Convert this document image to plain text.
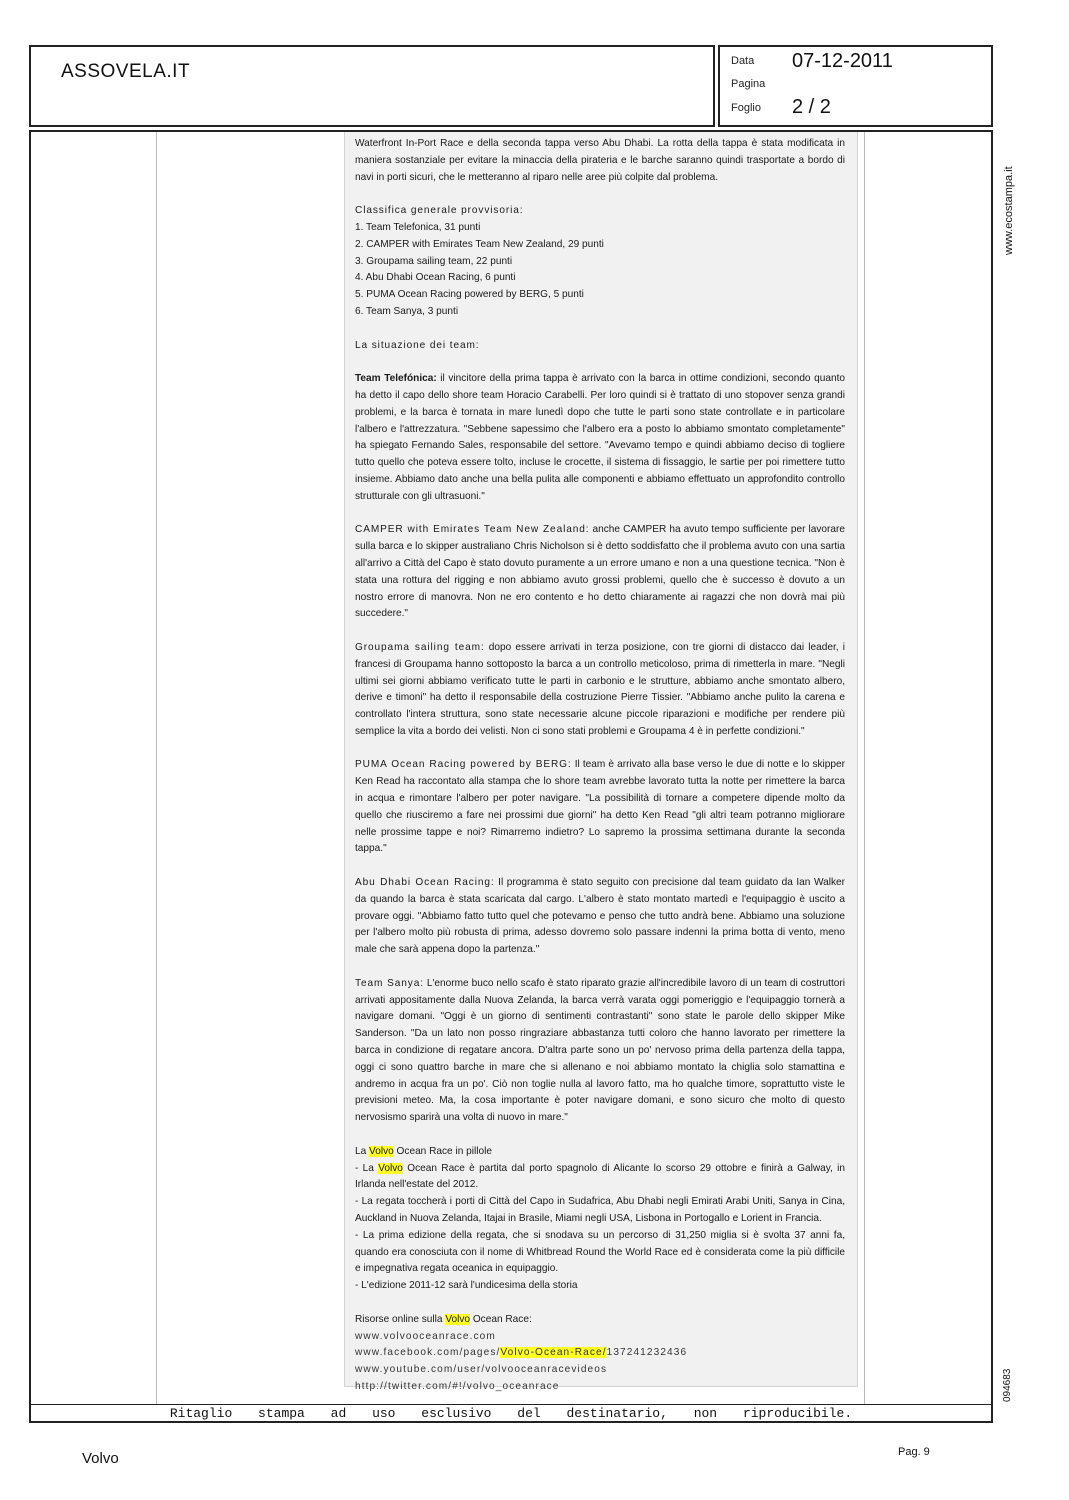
ASSOVELA.IT	Data 07-12-2011
Pagina
Foglio 2 / 2

Waterfront In-Port Race e della seconda tappa verso Abu Dhabi. La rotta della tappa è stata modificata in maniera sostanziale per evitare la minaccia della pirateria e le barche saranno quindi trasportate a bordo di navi in porti sicuri, che le metteranno al riparo nelle aree più colpite dal problema.

Classifica generale provvisoria:
1. Team Telefonica, 31 punti
2. CAMPER with Emirates Team New Zealand, 29 punti
3. Groupama sailing team, 22 punti
4. Abu Dhabi Ocean Racing, 6 punti
5. PUMA Ocean Racing powered by BERG, 5 punti
6. Team Sanya, 3 punti

La situazione dei team:

Team Telefónica: il vincitore della prima tappa è arrivato con la barca in ottime condizioni, secondo quanto ha detto il capo dello shore team Horacio Carabelli. Per loro quindi si è trattato di uno stopover senza grandi problemi, e la barca è tornata in mare lunedì dopo che tutte le parti sono state controllate e in particolare l'albero e l'attrezzatura. "Sebbene sapessimo che l'albero era a posto lo abbiamo smontato completamente" ha spiegato Fernando Sales, responsabile del settore. "Avevamo tempo e quindi abbiamo deciso di togliere tutto quello che poteva essere tolto, incluse le crocette, il sistema di fissaggio, le sartie per poi rimettere tutto insieme. Abbiamo dato anche una bella pulita alle componenti e abbiamo effettuato un approfondito controllo strutturale con gli ultrasuoni."

CAMPER with Emirates Team New Zealand: anche CAMPER ha avuto tempo sufficiente per lavorare sulla barca e lo skipper australiano Chris Nicholson si è detto soddisfatto che il problema avuto con una sartia all'arrivo a Città del Capo è stato dovuto puramente a un errore umano e non a una questione tecnica. "Non è stata una rottura del rigging e non abbiamo avuto grossi problemi, quello che è successo è dovuto a un nostro errore di manovra. Non ne ero contento e ho detto chiaramente ai ragazzi che non dovrà mai più succedere."

Groupama sailing team: dopo essere arrivati in terza posizione, con tre giorni di distacco dai leader, i francesi di Groupama hanno sottoposto la barca a un controllo meticoloso, prima di rimetterla in mare. "Negli ultimi sei giorni abbiamo verificato tutte le parti in carbonio e le strutture, abbiamo anche smontato albero, derive e timoni" ha detto il responsabile della costruzione Pierre Tissier. "Abbiamo anche pulito la carena e controllato l'intera struttura, sono state necessarie alcune piccole riparazioni e modifiche per rendere più semplice la vita a bordo dei velisti. Non ci sono stati problemi e Groupama 4 è in perfette condizioni."

PUMA Ocean Racing powered by BERG: Il team è arrivato alla base verso le due di notte e lo skipper Ken Read ha raccontato alla stampa che lo shore team avrebbe lavorato tutta la notte per rimettere la barca in acqua e rimontare l'albero per poter navigare. "La possibilità di tornare a competere dipende molto da quello che riusciremo a fare nei prossimi due giorni" ha detto Ken Read "gli altri team potranno migliorare nelle prossime tappe e noi? Rimarremo indietro? Lo sapremo la prossima settimana durante la seconda tappa."

Abu Dhabi Ocean Racing: Il programma è stato seguito con precisione dal team guidato da Ian Walker da quando la barca è stata scaricata dal cargo. L'albero è stato montato martedì e l'equipaggio è uscito a provare oggi. "Abbiamo fatto tutto quel che potevamo e penso che tutto andrà bene. Abbiamo una soluzione per l'albero molto più robusta di prima, adesso dovremo solo passare indenni la prima botta di vento, meno male che sarà appena dopo la partenza."

Team Sanya: L'enorme buco nello scafo è stato riparato grazie all'incredibile lavoro di un team di costruttori arrivati appositamente dalla Nuova Zelanda, la barca verrà varata oggi pomeriggio e l'equipaggio tornerà a navigare domani. "Oggi è un giorno di sentimenti contrastanti" sono state le parole dello skipper Mike Sanderson. "Da un lato non posso ringraziare abbastanza tutti coloro che hanno lavorato per rimettere la barca in condizione di regatare ancora. D'altra parte sono un po' nervoso prima della partenza della tappa, oggi ci sono quattro barche in mare che si allenano e noi abbiamo montato la chiglia solo stamattina e andremo in acqua fra un po'. Ciò non toglie nulla al lavoro fatto, ma ho qualche timore, soprattutto viste le previsioni meteo. Ma, la cosa importante è poter navigare domani, e sono sicuro che molto di questo nervosismo sparirà una volta di nuovo in mare."

La Volvo Ocean Race in pillole
- La Volvo Ocean Race è partita dal porto spagnolo di Alicante lo scorso 29 ottobre e finirà a Galway, in Irlanda nell'estate del 2012.
- La regata toccherà i porti di Città del Capo in Sudafrica, Abu Dhabi negli Emirati Arabi Uniti, Sanya in Cina, Auckland in Nuova Zelanda, Itajai in Brasile, Miami negli USA, Lisbona in Portogallo e Lorient in Francia.
- La prima edizione della regata, che si snodava su un percorso di 31,250 miglia si è svolta 37 anni fa, quando era conosciuta con il nome di Whitbread Round the World Race ed è considerata come la più difficile e impegnativa regata oceanica in equipaggio.
- L'edizione 2011-12 sarà l'undicesima della storia

Risorse online sulla Volvo Ocean Race:
www.volvooceanrace.com
www.facebook.com/pages/Volvo-Ocean-Race/137241232436
www.youtube.com/user/volvooceanracevideos
http://twitter.com/#!/volvo_oceanrace

Ritaglio stampa ad uso esclusivo del destinatario, non riproducibile.
www.ecostampa.it
094683
Volvo	Pag. 9
